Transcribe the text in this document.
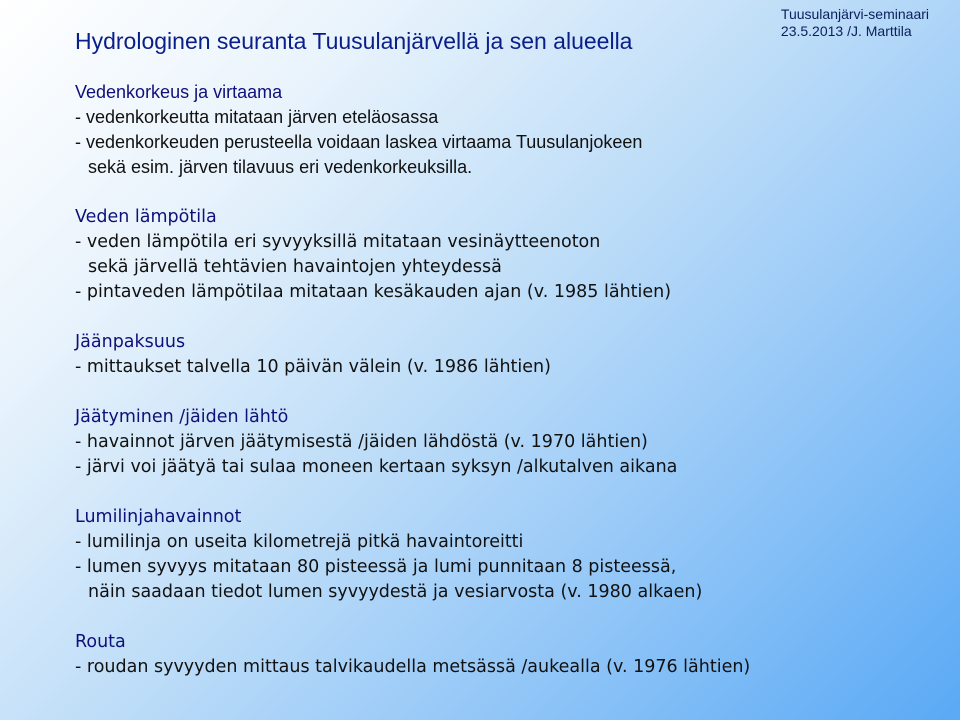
Tuusulanjärvi-seminaari
23.5.2013 /J. Marttila
Hydrologinen seuranta Tuusulanjärvellä ja sen alueella

Vedenkorkeus ja virtaama

- vedenkorkeutta mitataan järven eteläosassa

- vedenkorkeuden perusteella voidaan laskea virtaama Tuusulanjokeen

sekä esim. järven tilavuus eri vedenkorkeuksilla.

Veden lämpötila

- veden lämpötila eri syvyyksillä mitataan vesinäytteenoton

sekä järvellä tehtävien havaintojen yhteydessä

- pintaveden lämpötilaa mitataan kesäkauden ajan (v. 1985 lähtien)

Jäänpaksuus

- mittaukset talvella 10 päivän välein (v. 1986 lähtien)

Jäätyminen /jäiden lähtö

- havainnot järven jäätymisestä /jäiden lähdöstä (v. 1970 lähtien)

- järvi voi jäätyä tai sulaa moneen kertaan syksyn /alkutalven aikana

Lumilinjahavainnot

- lumilinja on useita kilometrejä pitkä havaintoreitti

- lumen syvyys mitataan 80 pisteessä ja lumi punnitaan 8 pisteessä,

näin saadaan tiedot lumen syvyydestä ja vesiarvosta (v. 1980 alkaen)

Routa

- roudan syvyyden mittaus talvikaudella metsässä /aukealla (v. 1976 lähtien)
